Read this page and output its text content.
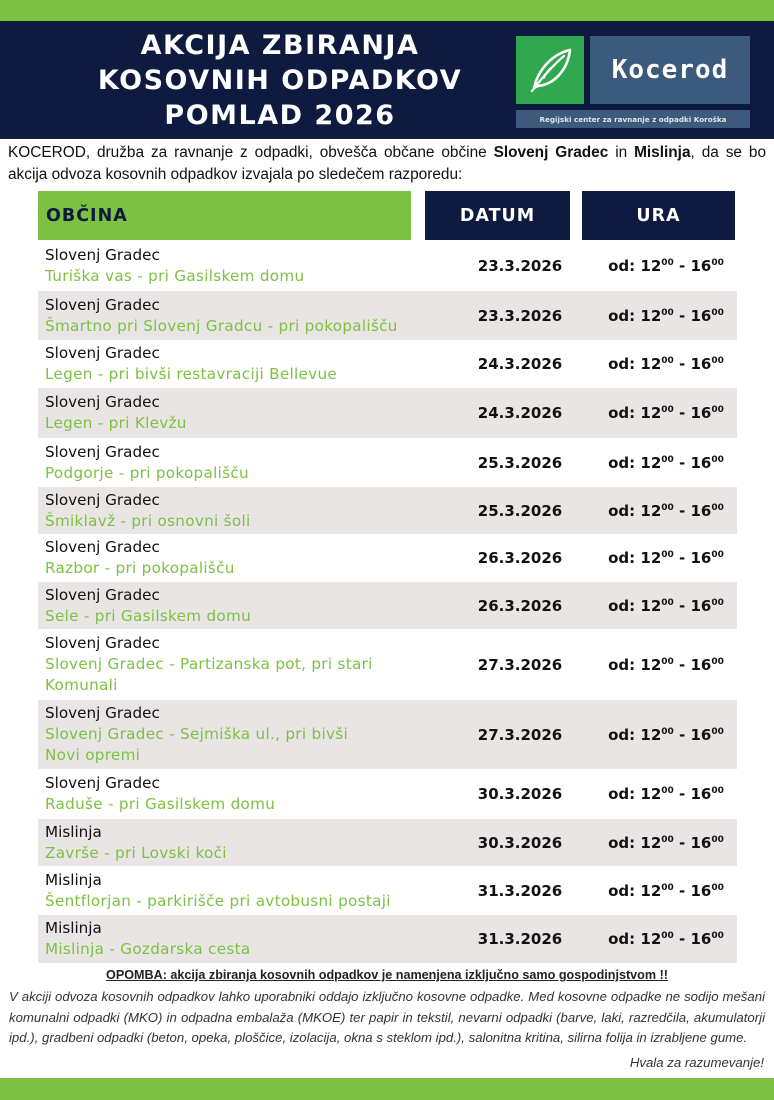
AKCIJA ZBIRANJA
KOSOVNIH ODPADKOV
POMLAD 2026
Kocerod
Regijski center za ravnanje z odpadki Koroška
KOCEROD, družba za ravnanje z odpadki, obvešča občane občine Slovenj Gradec in Mislinja, da se bo akcija odvoza kosovnih odpadkov izvajala po sledečem razporedu:
OBČINA	DATUM	URA
Slovenj Gradec
Turiška vas - pri Gasilskem domu
23.3.2026	od: $12^{00} - 16^{00}$
Slovenj Gradec
Šmartno pri Slovenj Gradcu - pri pokopališču
23.3.2026	od: $12^{00} - 16^{00}$
Slovenj Gradec
Legen - pri bivši restavraciji Bellevue
24.3.2026	od: $12^{00} - 16^{00}$
Slovenj Gradec
Legen - pri Klevžu
24.3.2026	od: $12^{00} - 16^{00}$
Slovenj Gradec
Podgorje - pri pokopališču
25.3.2026	od: $12^{00} - 16^{00}$
Slovenj Gradec
Šmiklavž - pri osnovni šoli
25.3.2026	od: $12^{00} - 16^{00}$
Slovenj Gradec
Razbor - pri pokopališču
26.3.2026	od: $12^{00} - 16^{00}$
Slovenj Gradec
Sele - pri Gasilskem domu
26.3.2026	od: $12^{00} - 16^{00}$
Slovenj Gradec
Slovenj Gradec - Partizanska pot, pri stari Komunali
27.3.2026	od: $12^{00} - 16^{00}$
Slovenj Gradec
Slovenj Gradec - Sejmiška ul., pri bivši Novi opremi
27.3.2026	od: $12^{00} - 16^{00}$
Slovenj Gradec
Raduše - pri Gasilskem domu
30.3.2026	od: $12^{00} - 16^{00}$
Mislinja
Završe - pri Lovski koči
30.3.2026	od: $12^{00} - 16^{00}$
Mislinja
Šentflorjan - parkirišče pri avtobusni postaji
31.3.2026	od: $12^{00} - 16^{00}$
Mislinja
Mislinja - Gozdarska cesta
31.3.2026	od: $12^{00} - 16^{00}$
OPOMBA: akcija zbiranja kosovnih odpadkov je namenjena izključno samo gospodinjstvom !!
V akciji odvoza kosovnih odpadkov lahko uporabniki oddajo izključno kosovne odpadke. Med kosovne odpadke ne sodijo mešani komunalni odpadki (MKO) in odpadna embalaža (MKOE) ter papir in tekstil, nevarni odpadki (barve, laki, razredčila, akumulatorji ipd.), gradbeni odpadki (beton, opeka, ploščice, izolacija, okna s steklom ipd.), salonitna kritina, silirna folija in izrabljene gume.
Hvala za razumevanje!
